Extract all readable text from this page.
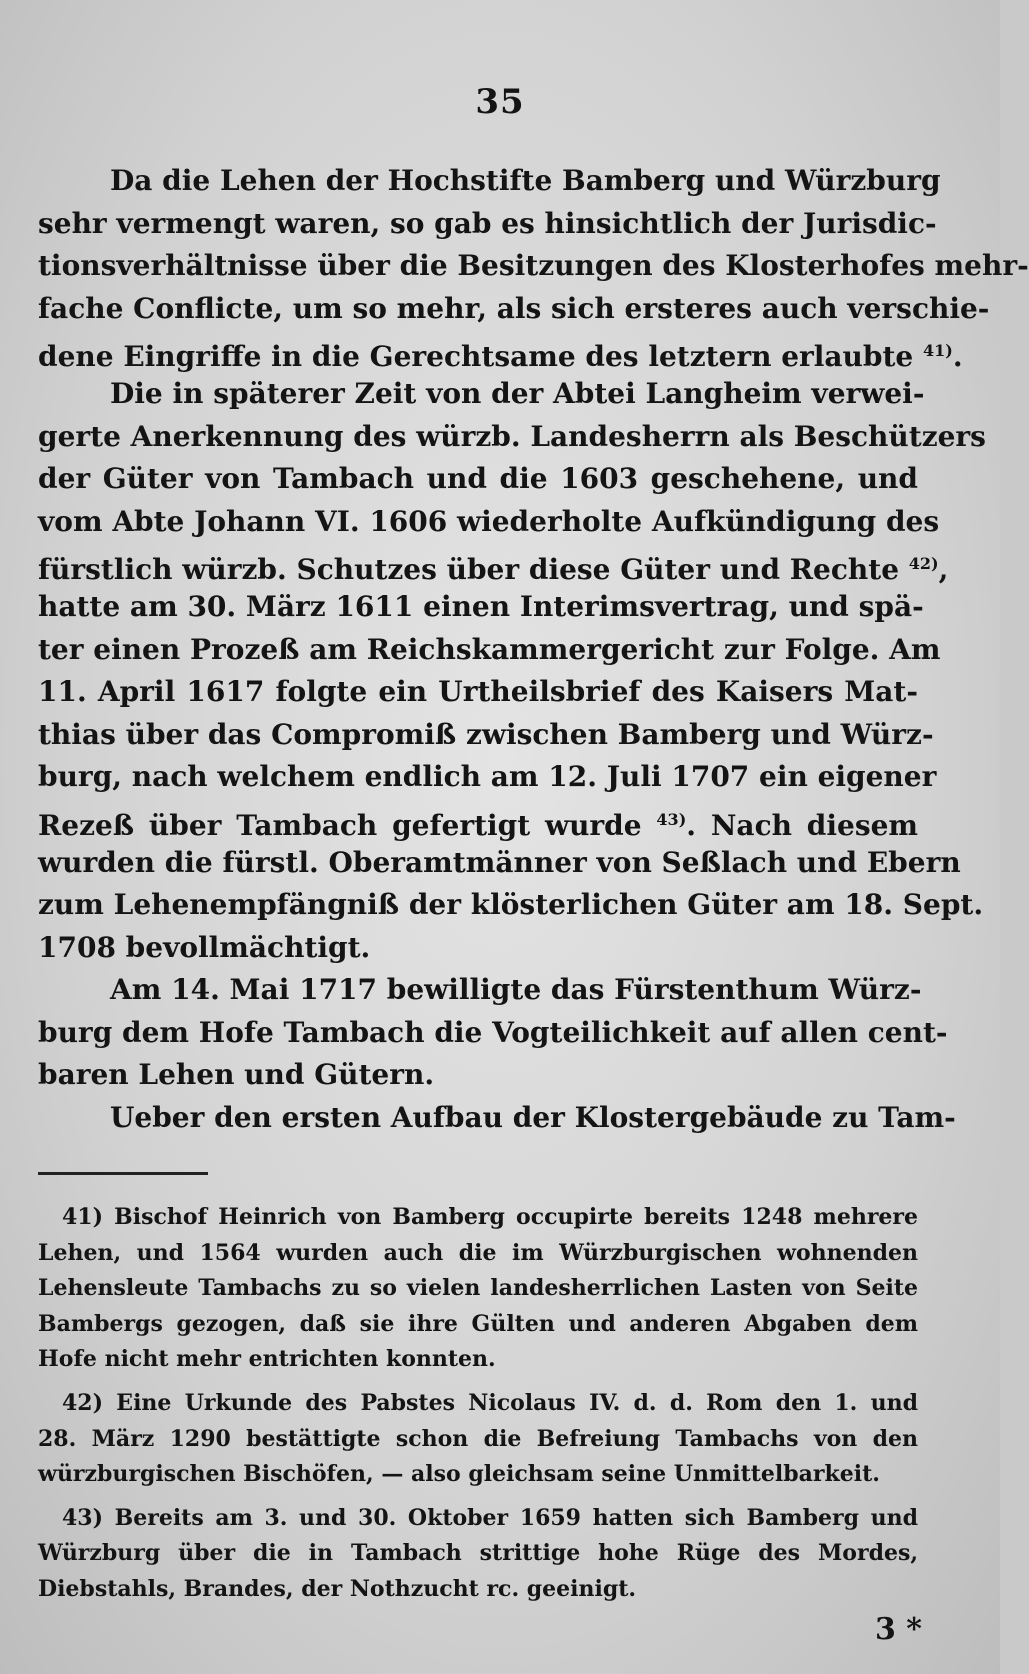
35
Da die Lehen der Hochstifte Bamberg und Würzburg
sehr vermengt waren, so gab es hinsichtlich der Jurisdic-
tionsverhältnisse über die Besitzungen des Klosterhofes mehr-
fache Conflicte, um so mehr, als sich ersteres auch verschie-
dene Eingriffe in die Gerechtsame des letztern erlaubte $^{41)}$.
Die in späterer Zeit von der Abtei Langheim verwei-
gerte Anerkennung des würzb. Landesherrn als Beschützers
der Güter von Tambach und die 1603 geschehene, und
vom Abte Johann VI. 1606 wiederholte Aufkündigung des
fürstlich würzb. Schutzes über diese Güter und Rechte $^{42)}$,
hatte am 30. März 1611 einen Interimsvertrag, und spä-
ter einen Prozeß am Reichskammergericht zur Folge. Am
11. April 1617 folgte ein Urtheilsbrief des Kaisers Mat-
thias über das Compromiß zwischen Bamberg und Würz-
burg, nach welchem endlich am 12. Juli 1707 ein eigener
Rezeß über Tambach gefertigt wurde $^{43)}$. Nach diesem
wurden die fürstl. Oberamtmänner von Seßlach und Ebern
zum Lehenempfängniß der klösterlichen Güter am 18. Sept.
1708 bevollmächtigt.
Am 14. Mai 1717 bewilligte das Fürstenthum Würz-
burg dem Hofe Tambach die Vogteilichkeit auf allen cent-
baren Lehen und Gütern.
Ueber den ersten Aufbau der Klostergebäude zu Tam-
41) Bischof Heinrich von Bamberg occupirte bereits 1248 mehrere
Lehen, und 1564 wurden auch die im Würzburgischen wohnenden
Lehensleute Tambachs zu so vielen landesherrlichen Lasten von Seite
Bambergs gezogen, daß sie ihre Gülten und anderen Abgaben dem
Hofe nicht mehr entrichten konnten.
42) Eine Urkunde des Pabstes Nicolaus IV. d. d. Rom den 1. und
28. März 1290 bestättigte schon die Befreiung Tambachs von den
würzburgischen Bischöfen, — also gleichsam seine Unmittelbarkeit.
43) Bereits am 3. und 30. Oktober 1659 hatten sich Bamberg und
Würzburg über die in Tambach strittige hohe Rüge des Mordes,
Diebstahls, Brandes, der Nothzucht rc. geeinigt.
3 *
